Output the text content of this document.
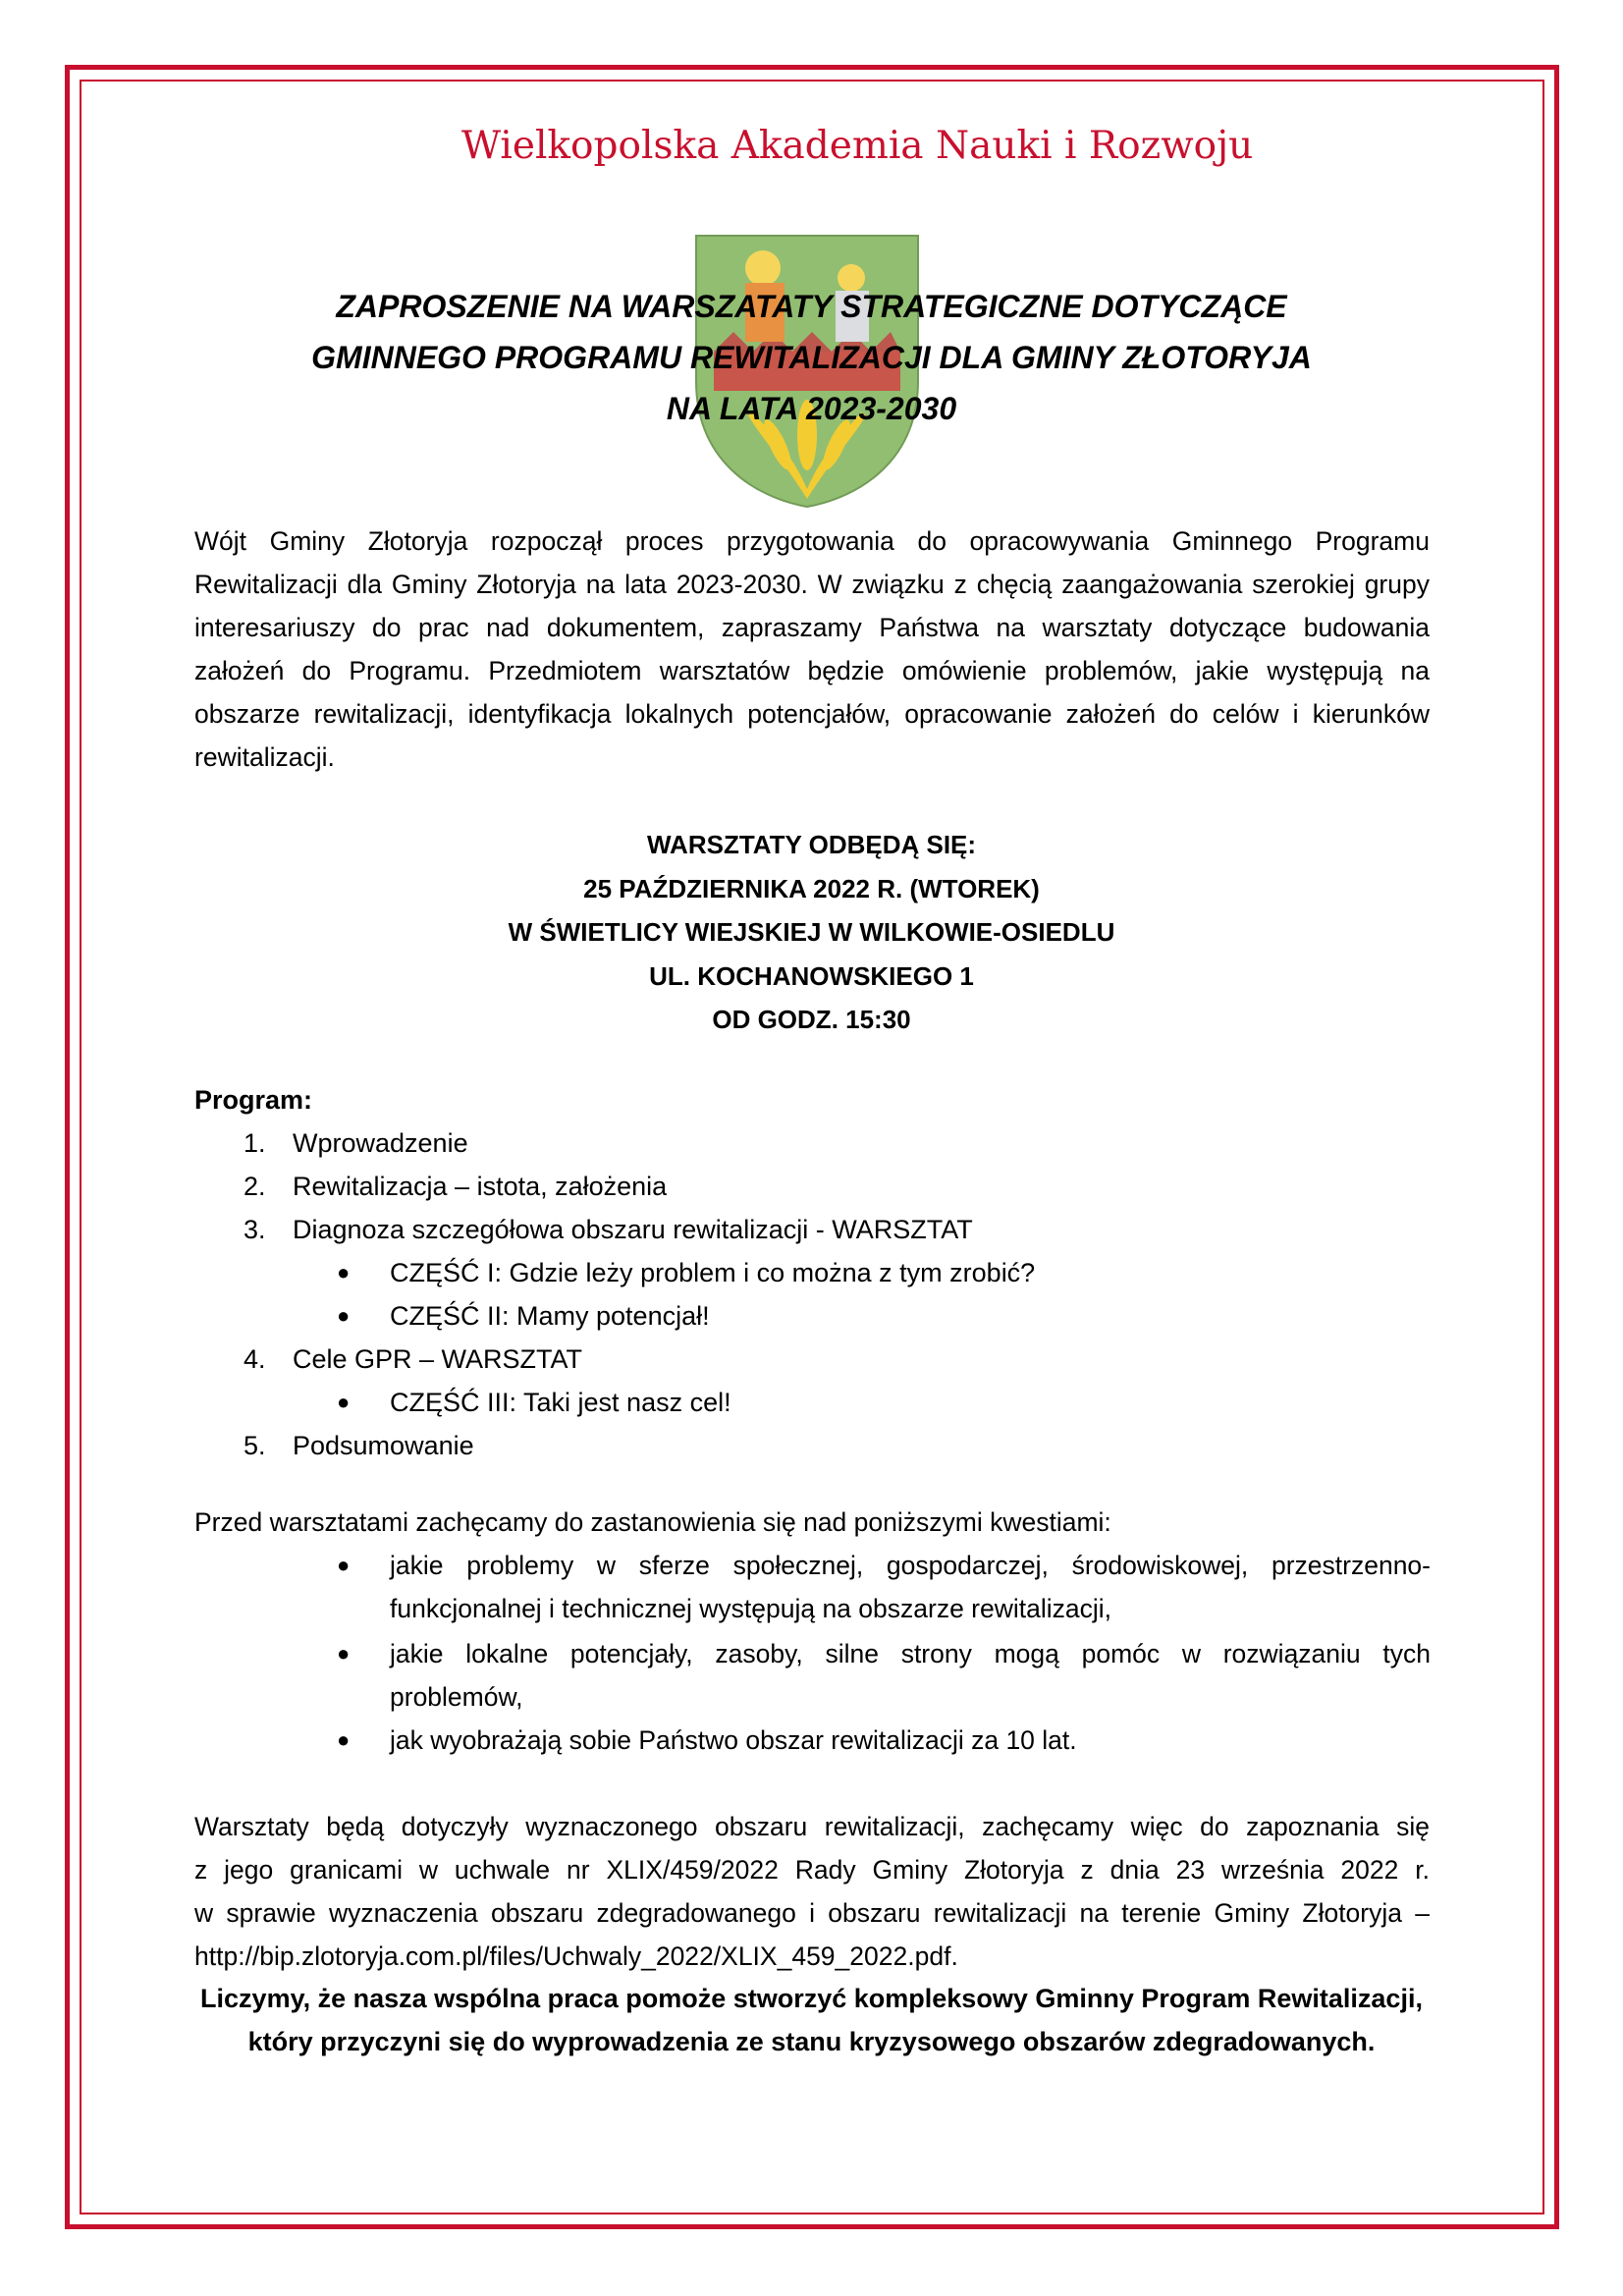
Wielkopolska Akademia Nauki i Rozwoju
ZAPROSZENIE NA WARSZATATY STRATEGICZNE DOTYCZĄCE
GMINNEGO PROGRAMU REWITALIZACJI DLA GMINY ZŁOTORYJA
NA LATA 2023-2030
Wójt Gminy Złotoryja rozpoczął proces przygotowania do opracowywania Gminnego Programu
Rewitalizacji dla Gminy Złotoryja na lata 2023-2030. W związku z chęcią zaangażowania szerokiej grupy
interesariuszy do prac nad dokumentem, zapraszamy Państwa na warsztaty dotyczące budowania
założeń do Programu. Przedmiotem warsztatów będzie omówienie problemów, jakie występują na
obszarze rewitalizacji, identyfikacja lokalnych potencjałów, opracowanie założeń do celów i kierunków
rewitalizacji.
WARSZTATY ODBĘDĄ SIĘ:
25 PAŹDZIERNIKA 2022 R. (WTOREK)
W ŚWIETLICY WIEJSKIEJ W WILKOWIE-OSIEDLU
UL. KOCHANOWSKIEGO 1
OD GODZ. 15:30
Program:
1. Wprowadzenie
2. Rewitalizacja – istota, założenia
3. Diagnoza szczegółowa obszaru rewitalizacji - WARSZTAT
● CZĘŚĆ I: Gdzie leży problem i co można z tym zrobić?
● CZĘŚĆ II: Mamy potencjał!
4. Cele GPR – WARSZTAT
● CZĘŚĆ III: Taki jest nasz cel!
5. Podsumowanie
Przed warsztatami zachęcamy do zastanowienia się nad poniższymi kwestiami:
● jakie problemy w sferze społecznej, gospodarczej, środowiskowej, przestrzenno-
funkcjonalnej i technicznej występują na obszarze rewitalizacji,
● jakie lokalne potencjały, zasoby, silne strony mogą pomóc w rozwiązaniu tych
problemów,
● jak wyobrażają sobie Państwo obszar rewitalizacji za 10 lat.
Warsztaty będą dotyczyły wyznaczonego obszaru rewitalizacji, zachęcamy więc do zapoznania się
z jego granicami w uchwale nr XLIX/459/2022 Rady Gminy Złotoryja z dnia 23 września 2022 r.
w sprawie wyznaczenia obszaru zdegradowanego i obszaru rewitalizacji na terenie Gminy Złotoryja –
http://bip.zlotoryja.com.pl/files/Uchwaly_2022/XLIX_459_2022.pdf.
Liczymy, że nasza wspólna praca pomoże stworzyć kompleksowy Gminny Program Rewitalizacji,
który przyczyni się do wyprowadzenia ze stanu kryzysowego obszarów zdegradowanych.
